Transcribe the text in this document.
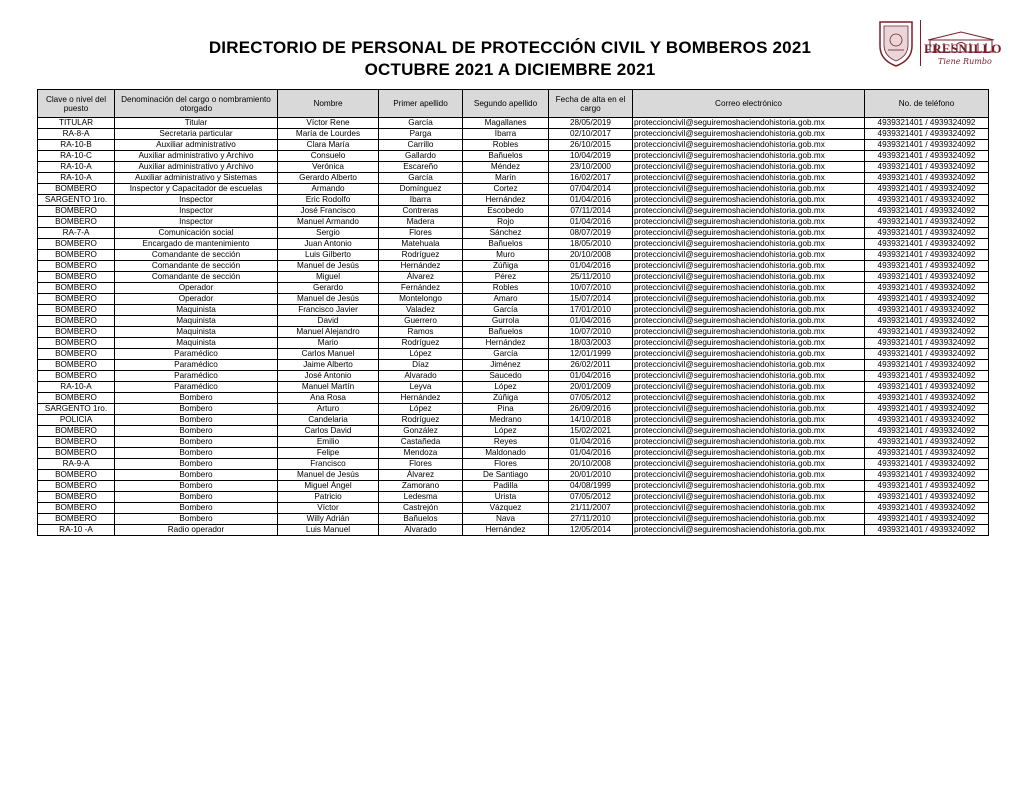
DIRECTORIO DE PERSONAL DE PROTECCIÓN CIVIL Y BOMBEROS 2021
OCTUBRE 2021 A DICIEMBRE 2021
FRESNILLO
Tiene Rumbo
Clave o nivel del puesto	Denominación del cargo o nombramiento otorgado	Nombre	Primer apellido	Segundo apellido	Fecha de alta en el cargo	Correo electrónico	No. de teléfono
TITULAR	Titular	Víctor Rene	García	Magallanes	28/05/2019	proteccioncivil@seguiremoshaciendohistoria.gob.mx	4939321401 / 4939324092
RA-8-A	Secretaria particular	María de Lourdes	Parga	Ibarra	02/10/2017	proteccioncivil@seguiremoshaciendohistoria.gob.mx	4939321401 / 4939324092
RA-10-B	Auxiliar administrativo	Clara María	Carrillo	Robles	26/10/2015	proteccioncivil@seguiremoshaciendohistoria.gob.mx	4939321401 / 4939324092
RA-10-C	Auxiliar administrativo y Archivo	Consuelo	Gallardo	Bañuelos	10/04/2019	proteccioncivil@seguiremoshaciendohistoria.gob.mx	4939321401 / 4939324092
RA-10-A	Auxiliar administrativo y Archivo	Verónica	Escareño	Méndez	23/10/2000	proteccioncivil@seguiremoshaciendohistoria.gob.mx	4939321401 / 4939324092
RA-10-A	Auxiliar administrativo y Sistemas	Gerardo Alberto	García	Marín	16/02/2017	proteccioncivil@seguiremoshaciendohistoria.gob.mx	4939321401 / 4939324092
BOMBERO	Inspector y Capacitador de escuelas	Armando	Domínguez	Cortez	07/04/2014	proteccioncivil@seguiremoshaciendohistoria.gob.mx	4939321401 / 4939324092
SARGENTO 1ro.	Inspector	Eric Rodolfo	Ibarra	Hernández	01/04/2016	proteccioncivil@seguiremoshaciendohistoria.gob.mx	4939321401 / 4939324092
BOMBERO	Inspector	José Francisco	Contreras	Escobedo	07/11/2014	proteccioncivil@seguiremoshaciendohistoria.gob.mx	4939321401 / 4939324092
BOMBERO	Inspector	Manuel Armando	Madera	Rojo	01/04/2016	proteccioncivil@seguiremoshaciendohistoria.gob.mx	4939321401 / 4939324092
RA-7-A	Comunicación social	Sergio	Flores	Sánchez	08/07/2019	proteccioncivil@seguiremoshaciendohistoria.gob.mx	4939321401 / 4939324092
BOMBERO	Encargado de mantenimiento	Juan Antonio	Matehuala	Bañuelos	18/05/2010	proteccioncivil@seguiremoshaciendohistoria.gob.mx	4939321401 / 4939324092
BOMBERO	Comandante de sección	Luis Gilberto	Rodríguez	Muro	20/10/2008	proteccioncivil@seguiremoshaciendohistoria.gob.mx	4939321401 / 4939324092
BOMBERO	Comandante de sección	Manuel de Jesús	Hernández	Zúñiga	01/04/2016	proteccioncivil@seguiremoshaciendohistoria.gob.mx	4939321401 / 4939324092
BOMBERO	Comandante de sección	Miguel	Álvarez	Pérez	25/11/2010	proteccioncivil@seguiremoshaciendohistoria.gob.mx	4939321401 / 4939324092
BOMBERO	Operador	Gerardo	Fernández	Robles	10/07/2010	proteccioncivil@seguiremoshaciendohistoria.gob.mx	4939321401 / 4939324092
BOMBERO	Operador	Manuel de Jesús	Montelongo	Amaro	15/07/2014	proteccioncivil@seguiremoshaciendohistoria.gob.mx	4939321401 / 4939324092
BOMBERO	Maquinista	Francisco Javier	Valadez	García	17/01/2010	proteccioncivil@seguiremoshaciendohistoria.gob.mx	4939321401 / 4939324092
BOMBERO	Maquinista	David	Guerrero	Gurrola	01/04/2016	proteccioncivil@seguiremoshaciendohistoria.gob.mx	4939321401 / 4939324092
BOMBERO	Maquinista	Manuel Alejandro	Ramos	Bañuelos	10/07/2010	proteccioncivil@seguiremoshaciendohistoria.gob.mx	4939321401 / 4939324092
BOMBERO	Maquinista	Mario	Rodríguez	Hernández	18/03/2003	proteccioncivil@seguiremoshaciendohistoria.gob.mx	4939321401 / 4939324092
BOMBERO	Paramédico	Carlos Manuel	López	García	12/01/1999	proteccioncivil@seguiremoshaciendohistoria.gob.mx	4939321401 / 4939324092
BOMBERO	Paramédico	Jaime Alberto	Díaz	Jiménez	26/02/2011	proteccioncivil@seguiremoshaciendohistoria.gob.mx	4939321401 / 4939324092
BOMBERO	Paramédico	José Antonio	Alvarado	Saucedo	01/04/2016	proteccioncivil@seguiremoshaciendohistoria.gob.mx	4939321401 / 4939324092
RA-10-A	Paramédico	Manuel Martín	Leyva	López	20/01/2009	proteccioncivil@seguiremoshaciendohistoria.gob.mx	4939321401 / 4939324092
BOMBERO	Bombero	Ana Rosa	Hernández	Zúñiga	07/05/2012	proteccioncivil@seguiremoshaciendohistoria.gob.mx	4939321401 / 4939324092
SARGENTO 1ro.	Bombero	Arturo	López	Pina	26/09/2016	proteccioncivil@seguiremoshaciendohistoria.gob.mx	4939321401 / 4939324092
POLICIA	Bombero	Candelaria	Rodríguez	Medrano	14/10/2018	proteccioncivil@seguiremoshaciendohistoria.gob.mx	4939321401 / 4939324092
BOMBERO	Bombero	Carlos David	González	López	15/02/2021	proteccioncivil@seguiremoshaciendohistoria.gob.mx	4939321401 / 4939324092
BOMBERO	Bombero	Emilio	Castañeda	Reyes	01/04/2016	proteccioncivil@seguiremoshaciendohistoria.gob.mx	4939321401 / 4939324092
BOMBERO	Bombero	Felipe	Mendoza	Maldonado	01/04/2016	proteccioncivil@seguiremoshaciendohistoria.gob.mx	4939321401 / 4939324092
RA-9-A	Bombero	Francisco	Flores	Flores	20/10/2008	proteccioncivil@seguiremoshaciendohistoria.gob.mx	4939321401 / 4939324092
BOMBERO	Bombero	Manuel de Jesús	Álvarez	De Santiago	20/01/2010	proteccioncivil@seguiremoshaciendohistoria.gob.mx	4939321401 / 4939324092
BOMBERO	Bombero	Miguel Ángel	Zamorano	Padilla	04/08/1999	proteccioncivil@seguiremoshaciendohistoria.gob.mx	4939321401 / 4939324092
BOMBERO	Bombero	Patricio	Ledesma	Urista	07/05/2012	proteccioncivil@seguiremoshaciendohistoria.gob.mx	4939321401 / 4939324092
BOMBERO	Bombero	Víctor	Castrejón	Vázquez	21/11/2007	proteccioncivil@seguiremoshaciendohistoria.gob.mx	4939321401 / 4939324092
BOMBERO	Bombero	Willy Adrián	Bañuelos	Nava	27/11/2010	proteccioncivil@seguiremoshaciendohistoria.gob.mx	4939321401 / 4939324092
RA-10 -A	Radio operador	Luis Manuel	Alvarado	Hernández	12/05/2014	proteccioncivil@seguiremoshaciendohistoria.gob.mx	4939321401 / 4939324092
